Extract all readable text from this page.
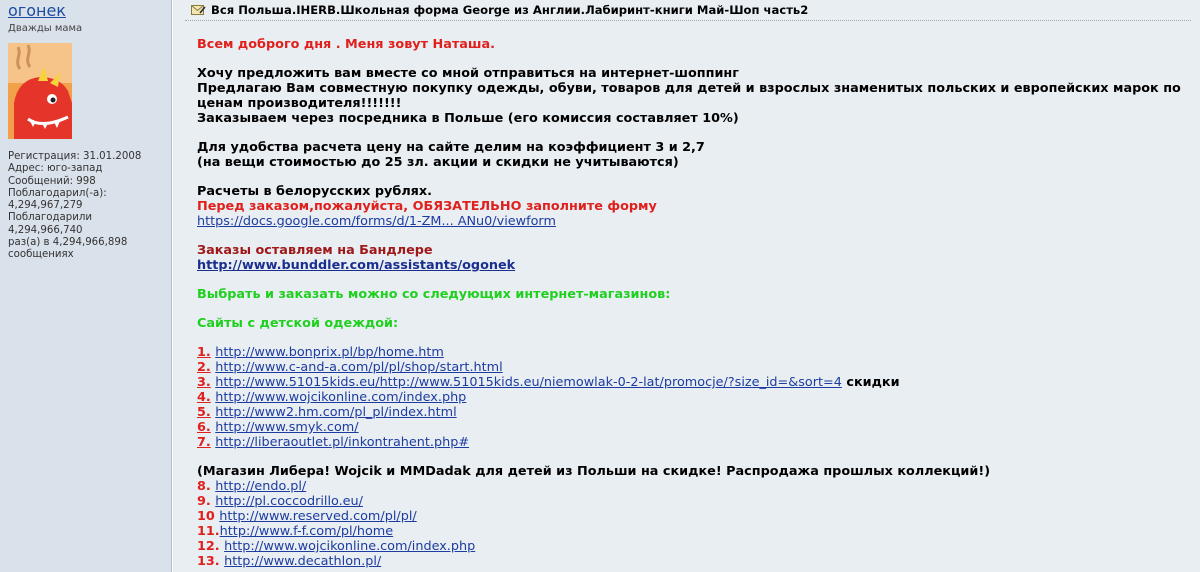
огонек
Дважды мама
Регистрация: 31.01.2008
Адрес: юго-запад
Сообщений: 998
Поблагодарил(-а):
4,294,967,279
Поблагодарили 4,294,966,740
раз(а) в 4,294,966,898
сообщениях
Вся Польша.IHERB.Школьная форма George из Англии.Лабиринт-книги Май-Шоп часть2
Всем доброго дня . Меня зовут Наташа.
Хочу предложить вам вместе со мной отправиться на интернет-шоппинг
Предлагаю Вам совместную покупку одежды, обуви, товаров для детей и взрослых знаменитых польских и европейских марок по ценам производителя!!!!!!!
Заказываем через посредника в Польше (его комиссия составляет 10%)
Для удобства расчета цену на сайте делим на коэффициент 3 и 2,7
(на вещи стоимостью до 25 зл. акции и скидки не учитываются)
Расчеты в белорусских рублях.
Перед заказом,пожалуйста, ОБЯЗАТЕЛЬНО заполните форму
https://docs.google.com/forms/d/1-ZM... ANu0/viewform
Заказы оставляем на Бандлере
http://www.bunddler.com/assistants/ogonek
Выбрать и заказать можно со следующих интернет-магазинов:
Сайты с детской одеждой:
1. http://www.bonprix.pl/bp/home.htm
2. http://www.c-and-a.com/pl/pl/shop/start.html
3. http://www.51015kids.eu/http://www.51015kids.eu/niemowlak-0-2-lat/promocje/?size_id=&sort=4 скидки
4. http://www.wojcikonline.com/index.php
5. http://www2.hm.com/pl_pl/index.html
6. http://www.smyk.com/
7. http://liberaoutlet.pl/inkontrahent.php#
(Магазин Либера! Wojcik и MMDadak для детей из Польши на скидке! Распродажа прошлых коллекций!)
8. http://endo.pl/
9. http://pl.coccodrillo.eu/
10 http://www.reserved.com/pl/pl/
11.http://www.f-f.com/pl/home
12. http://www.wojcikonline.com/index.php
13. http://www.decathlon.pl/
